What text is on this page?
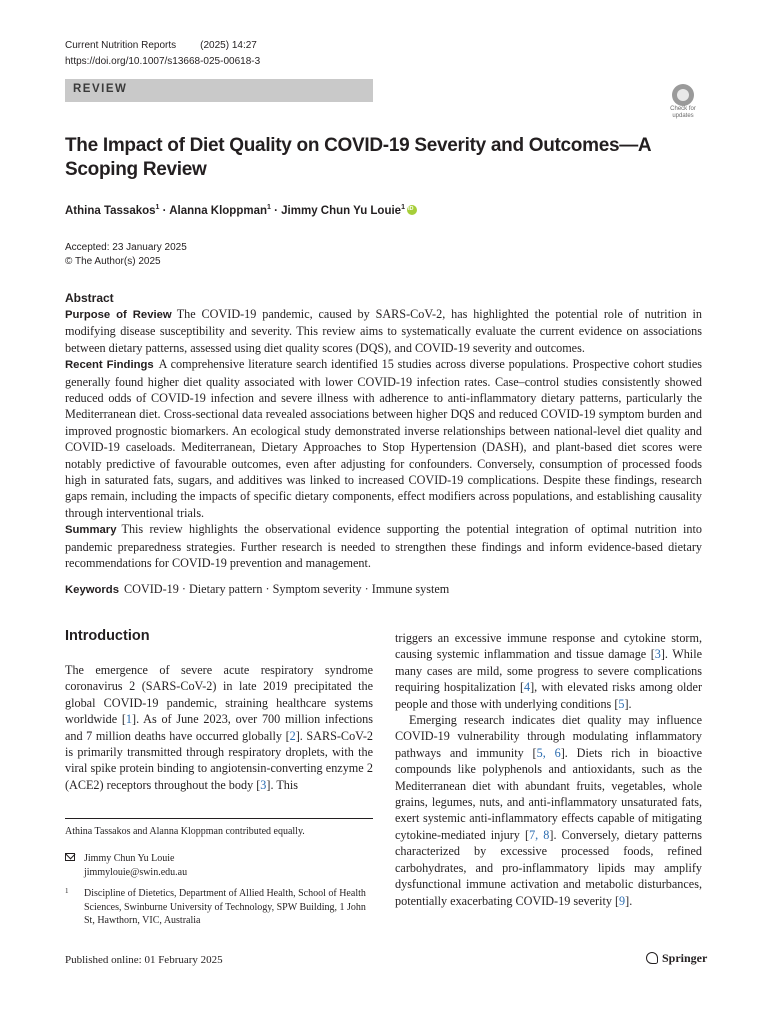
Current Nutrition Reports (2025) 14:27
https://doi.org/10.1007/s13668-025-00618-3
REVIEW
Check for updates
The Impact of Diet Quality on COVID-19 Severity and Outcomes—A Scoping Review
Athina Tassakos$^1$ · Alanna Kloppman$^1$ · Jimmy Chun Yu Louie$^1$iD
Accepted: 23 January 2025
© The Author(s) 2025
Abstract

Purpose of Review The COVID-19 pandemic, caused by SARS-CoV-2, has highlighted the potential role of nutrition in modifying disease susceptibility and severity. This review aims to systematically evaluate the current evidence on associations between dietary patterns, assessed using diet quality scores (DQS), and COVID-19 severity and outcomes.

Recent Findings A comprehensive literature search identified 15 studies across diverse populations. Prospective cohort studies generally found higher diet quality associated with lower COVID-19 infection rates. Case–control studies consistently showed reduced odds of COVID-19 infection and severe illness with adherence to anti-inflammatory dietary patterns, particularly the Mediterranean diet. Cross-sectional data revealed associations between higher DQS and reduced COVID-19 symptom burden and improved prognostic biomarkers. An ecological study demonstrated inverse relationships between national-level diet quality and COVID-19 caseloads. Mediterranean, Dietary Approaches to Stop Hypertension (DASH), and plant-based diet scores were notably predictive of favourable outcomes, even after adjusting for confounders. Conversely, consumption of processed foods high in saturated fats, sugars, and additives was linked to increased COVID-19 complications. Despite these findings, research gaps remain, including the impacts of specific dietary components, effect modifiers across populations, and establishing causality through interventional trials.

Summary This review highlights the observational evidence supporting the potential integration of optimal nutrition into pandemic preparedness strategies. Further research is needed to strengthen these findings and inform evidence-based dietary recommendations for COVID-19 prevention and management.

Keywords COVID-19 · Dietary pattern · Symptom severity · Immune system
Introduction

The emergence of severe acute respiratory syndrome coronavirus 2 (SARS-CoV-2) in late 2019 precipitated the global COVID-19 pandemic, straining healthcare systems worldwide [1]. As of June 2023, over 700 million infections and 7 million deaths have occurred globally [2]. SARS-CoV-2 is primarily transmitted through respiratory droplets, with the viral spike protein binding to angiotensin-converting enzyme 2 (ACE2) receptors throughout the body [3]. This

triggers an excessive immune response and cytokine storm, causing systemic inflammation and tissue damage [3]. While many cases are mild, some progress to severe complications requiring hospitalization [4], with elevated risks among older people and those with underlying conditions [5].

Emerging research indicates diet quality may influence COVID-19 vulnerability through modulating inflammatory pathways and immunity [5, 6]. Diets rich in bioactive compounds like polyphenols and antioxidants, such as the Mediterranean diet with abundant fruits, vegetables, whole grains, legumes, nuts, and anti-inflammatory unsaturated fats, exert systemic anti-inflammatory effects capable of mitigating cytokine-mediated injury [7, 8]. Conversely, dietary patterns characterized by excessive processed foods, refined carbohydrates, and pro-inflammatory lipids may amplify dysfunctional immune activation and metabolic disturbances, potentially exacerbating COVID-19 severity [9].

Athina Tassakos and Alanna Kloppman contributed equally.
Jimmy Chun Yu Louie
jimmylouie@swin.edu.au
1 Discipline of Dietetics, Department of Allied Health, School of Health Sciences, Swinburne University of Technology, SPW Building, 1 John St, Hawthorn, VIC, Australia
Published online: 01 February 2025	Springer
